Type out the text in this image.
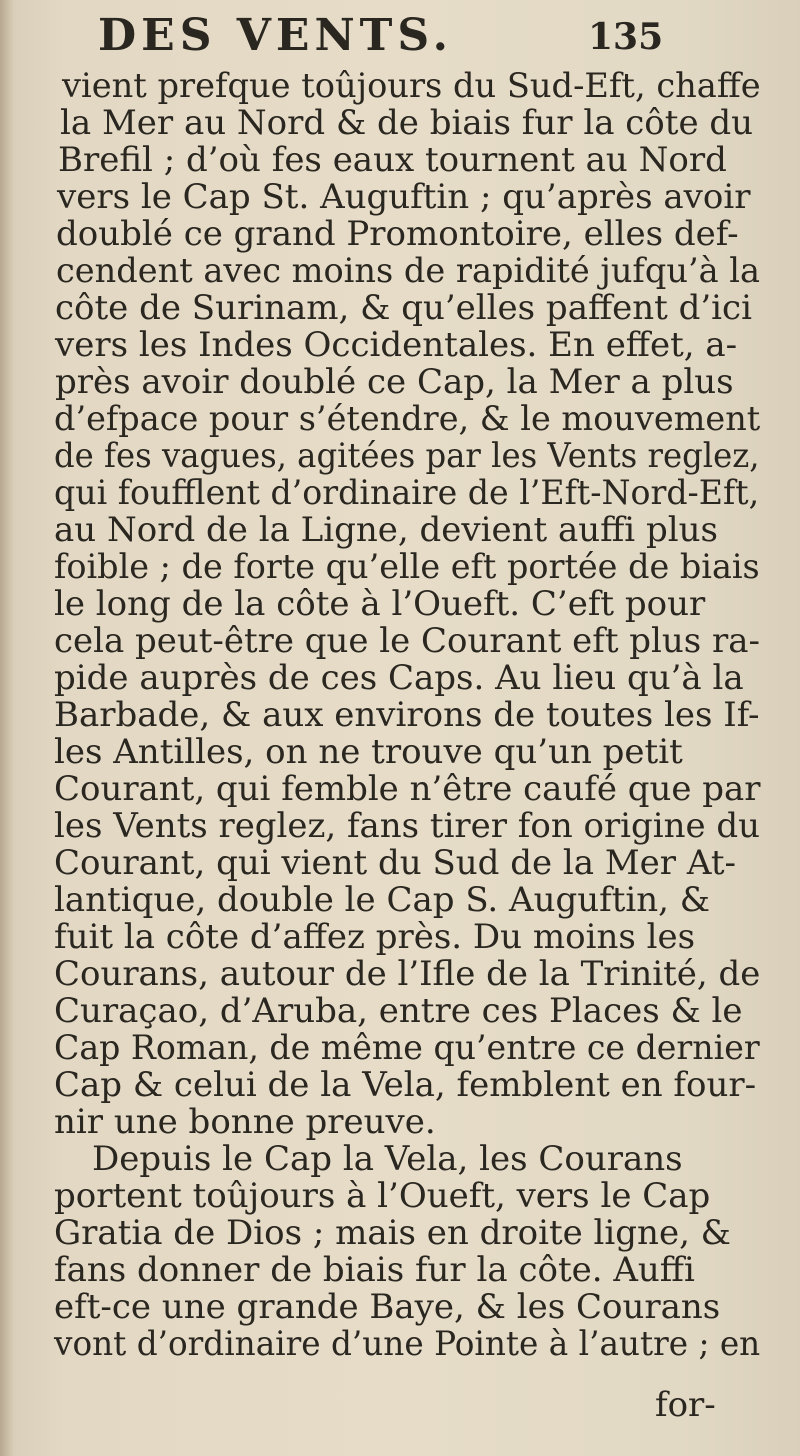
DES VENTS.	135
vient prefque toûjours du Sud-Eft, chaffe
la Mer au Nord & de biais fur la côte du
Brefil ; d’où fes eaux tournent au Nord
vers le Cap St. Auguftin ; qu’après avoir
doublé ce grand Promontoire, elles def-
cendent avec moins de rapidité jufqu’à la
côte de Surinam, & qu’elles paffent d’ici
vers les Indes Occidentales. En effet, a-
près avoir doublé ce Cap, la Mer a plus
d’efpace pour s’étendre, & le mouvement
de fes vagues, agitées par les Vents reglez,
qui foufflent d’ordinaire de l’Eft-Nord-Eft,
au Nord de la Ligne, devient auffi plus
foible ; de forte qu’elle eft portée de biais
le long de la côte à l’Oueft. C’eft pour
cela peut-être que le Courant eft plus ra-
pide auprès de ces Caps. Au lieu qu’à la
Barbade, & aux environs de toutes les If-
les Antilles, on ne trouve qu’un petit
Courant, qui femble n’être caufé que par
les Vents reglez, fans tirer fon origine du
Courant, qui vient du Sud de la Mer At-
lantique, double le Cap S. Auguftin, &
fuit la côte d’affez près. Du moins les
Courans, autour de l’Ifle de la Trinité, de
Curaçao, d’Aruba, entre ces Places & le
Cap Roman, de même qu’entre ce dernier
Cap & celui de la Vela, femblent en four-
nir une bonne preuve.
Depuis le Cap la Vela, les Courans
portent toûjours à l’Oueft, vers le Cap
Gratia de Dios ; mais en droite ligne, &
fans donner de biais fur la côte. Auffi
eft-ce une grande Baye, & les Courans
vont d’ordinaire d’une Pointe à l’autre ; en
for-
